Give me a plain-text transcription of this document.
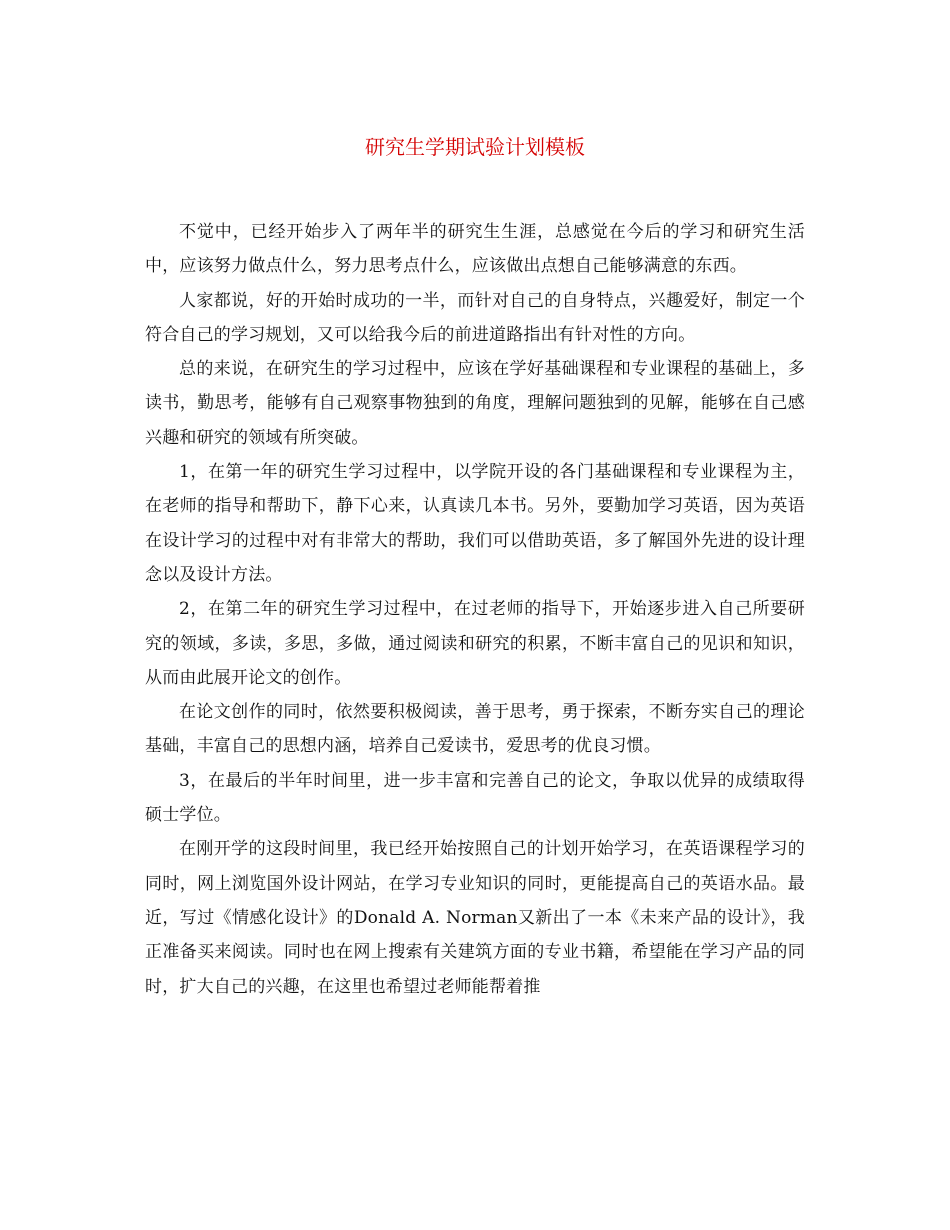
研究生学期试验计划模板

不觉中，已经开始步入了两年半的研究生生涯，总感觉在今后的学习和研究生活中，应该努力做点什么，努力思考点什么，应该做出点想自己能够满意的东西。

人家都说，好的开始时成功的一半，而针对自己的自身特点，兴趣爱好，制定一个符合自己的学习规划，又可以给我今后的前进道路指出有针对性的方向。

总的来说，在研究生的学习过程中，应该在学好基础课程和专业课程的基础上，多读书，勤思考，能够有自己观察事物独到的角度，理解问题独到的见解，能够在自己感兴趣和研究的领域有所突破。

1，在第一年的研究生学习过程中，以学院开设的各门基础课程和专业课程为主，在老师的指导和帮助下，静下心来，认真读几本书。另外，要勤加学习英语，因为英语在设计学习的过程中对有非常大的帮助，我们可以借助英语，多了解国外先进的设计理念以及设计方法。

2，在第二年的研究生学习过程中，在过老师的指导下，开始逐步进入自己所要研究的领域，多读，多思，多做，通过阅读和研究的积累，不断丰富自己的见识和知识，从而由此展开论文的创作。

在论文创作的同时，依然要积极阅读，善于思考，勇于探索，不断夯实自己的理论基础，丰富自己的思想内涵，培养自己爱读书，爱思考的优良习惯。

3，在最后的半年时间里，进一步丰富和完善自己的论文，争取以优异的成绩取得硕士学位。

在刚开学的这段时间里，我已经开始按照自己的计划开始学习，在英语课程学习的同时，网上浏览国外设计网站，在学习专业知识的同时，更能提高自己的英语水品。最近，写过《情感化设计》的Donald A. Norman又新出了一本《未来产品的设计》，我正准备买来阅读。同时也在网上搜索有关建筑方面的专业书籍，希望能在学习产品的同时，扩大自己的兴趣，在这里也希望过老师能帮着推
